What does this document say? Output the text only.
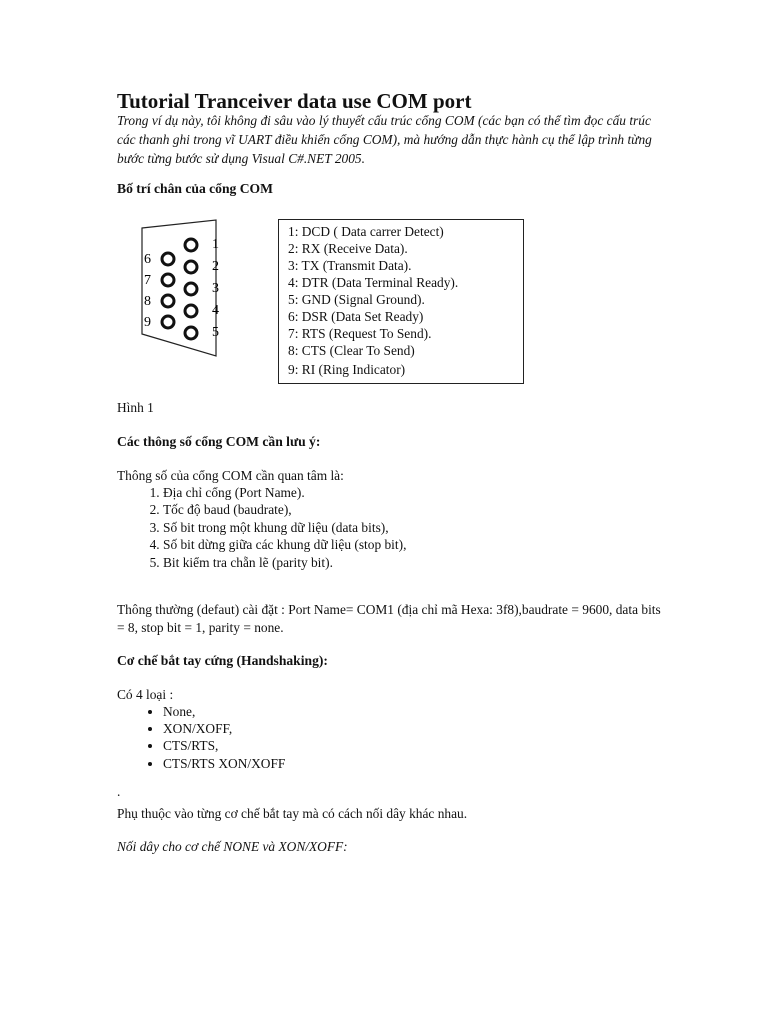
Tutorial Tranceiver data use COM port

Trong ví dụ này, tôi không đi sâu vào lý thuyết cấu trúc cổng COM (các bạn có thể tìm đọc cấu trúc các thanh ghi trong vĩ UART điều khiển cổng COM), mà hướng dẫn thực hành cụ thể lập trình từng bước từng bước sử dụng Visual C#.NET 2005.

Bố trí chân của cổng COM

6
7
8
9
1
2
3
4
5
1: DCD ( Data carrer Detect)
2: RX (Receive Data).
3: TX (Transmit Data).
4: DTR (Data Terminal Ready).
5: GND (Signal Ground).
6: DSR (Data Set Ready)
7: RTS (Request To Send).
8: CTS (Clear To Send)
9: RI (Ring Indicator)

Hình 1

Các thông số cổng COM cần lưu ý:

Thông số của cổng COM cần quan tâm là:

1. Địa chỉ cổng (Port Name).
2. Tốc độ baud (baudrate),
3. Số bit trong một khung dữ liệu (data bits),
4. Số bit dừng giữa các khung dữ liệu (stop bit),
5. Bit kiểm tra chẵn lẽ (parity bit).

Thông thường (defaut) cài đặt : Port Name= COM1 (địa chỉ mã Hexa: 3f8),baudrate = 9600, data bits = 8, stop bit = 1, parity = none.

Cơ chế bắt tay cứng (Handshaking):

Có 4 loại :

• None,
• XON/XOFF,
• CTS/RTS,
• CTS/RTS XON/XOFF

.

Phụ thuộc vào từng cơ chế bắt tay mà có cách nối dây khác nhau.

Nối dây cho cơ chế NONE và XON/XOFF:
